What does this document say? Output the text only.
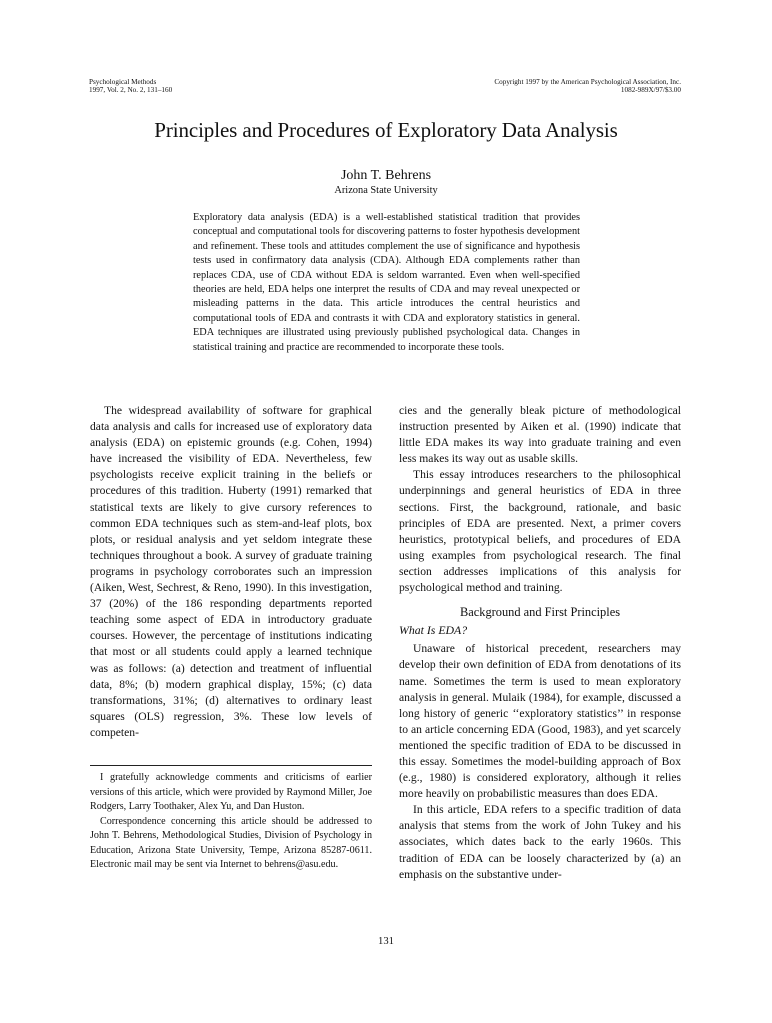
Psychological Methods
1997, Vol. 2, No. 2, 131–160
Copyright 1997 by the American Psychological Association, Inc.
1082-989X/97/$3.00
Principles and Procedures of Exploratory Data Analysis
John T. Behrens
Arizona State University
Exploratory data analysis (EDA) is a well-established statistical tradition that provides conceptual and computational tools for discovering patterns to foster hypothesis development and refinement. These tools and attitudes complement the use of significance and hypothesis tests used in confirmatory data analysis (CDA). Although EDA complements rather than replaces CDA, use of CDA without EDA is seldom warranted. Even when well-specified theories are held, EDA helps one interpret the results of CDA and may reveal unexpected or misleading patterns in the data. This article introduces the central heuristics and computational tools of EDA and contrasts it with CDA and exploratory statistics in general. EDA techniques are illustrated using previously published psychological data. Changes in statistical training and practice are recommended to incorporate these tools.

The widespread availability of software for graphical data analysis and calls for increased use of exploratory data analysis (EDA) on epistemic grounds (e.g. Cohen, 1994) have increased the visibility of EDA. Nevertheless, few psychologists receive explicit training in the beliefs or procedures of this tradition. Huberty (1991) remarked that statistical texts are likely to give cursory references to common EDA techniques such as stem-and-leaf plots, box plots, or residual analysis and yet seldom integrate these techniques throughout a book. A survey of graduate training programs in psychology corroborates such an impression (Aiken, West, Sechrest, & Reno, 1990). In this investigation, 37 (20%) of the 186 responding departments reported teaching some aspect of EDA in introductory graduate courses. However, the percentage of institutions indicating that most or all students could apply a learned technique was as follows: (a) detection and treatment of influential data, 8%; (b) modern graphical display, 15%; (c) data transformations, 31%; (d) alternatives to ordinary least squares (OLS) regression, 3%. These low levels of competen-

cies and the generally bleak picture of methodological instruction presented by Aiken et al. (1990) indicate that little EDA makes its way into graduate training and even less makes its way out as usable skills.

This essay introduces researchers to the philosophical underpinnings and general heuristics of EDA in three sections. First, the background, rationale, and basic principles of EDA are presented. Next, a primer covers heuristics, prototypical beliefs, and procedures of EDA using examples from psychological research. The final section addresses implications of this analysis for psychological method and training.

Background and First Principles
What Is EDA?

Unaware of historical precedent, researchers may develop their own definition of EDA from denotations of its name. Sometimes the term is used to mean exploratory analysis in general. Mulaik (1984), for example, discussed a long history of generic ‘‘exploratory statistics’’ in response to an article concerning EDA (Good, 1983), and yet scarcely mentioned the specific tradition of EDA to be discussed in this essay. Sometimes the model-building approach of Box (e.g., 1980) is considered exploratory, although it relies more heavily on probabilistic measures than does EDA.

In this article, EDA refers to a specific tradition of data analysis that stems from the work of John Tukey and his associates, which dates back to the early 1960s. This tradition of EDA can be loosely characterized by (a) an emphasis on the substantive under-

I gratefully acknowledge comments and criticisms of earlier versions of this article, which were provided by Raymond Miller, Joe Rodgers, Larry Toothaker, Alex Yu, and Dan Huston.

Correspondence concerning this article should be addressed to John T. Behrens, Methodological Studies, Division of Psychology in Education, Arizona State University, Tempe, Arizona 85287-0611. Electronic mail may be sent via Internet to behrens@asu.edu.

131
